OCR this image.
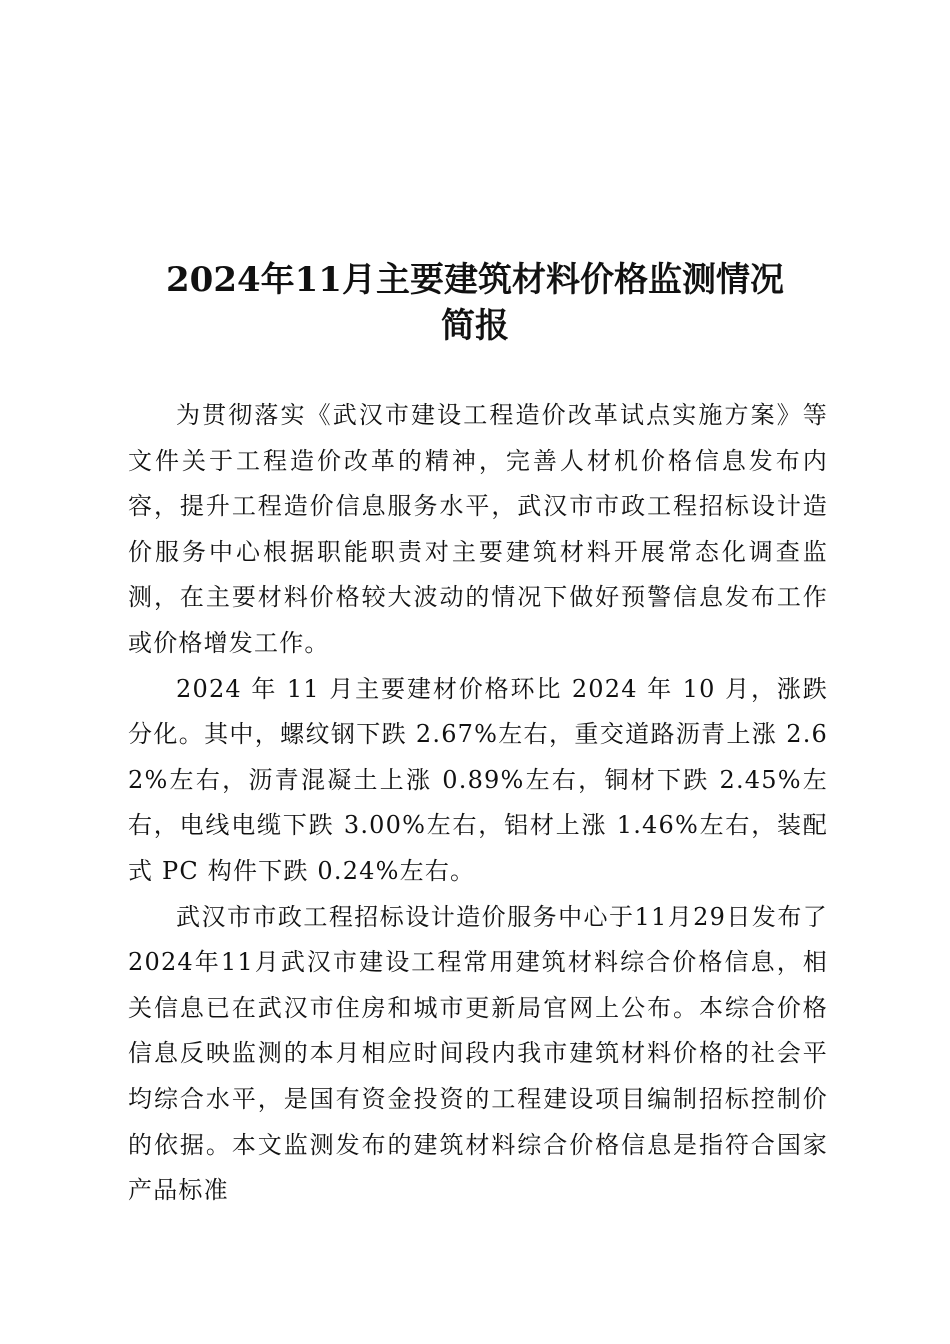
2024年11月主要建筑材料价格监测情况
简报

为贯彻落实《武汉市建设工程造价改革试点实施方案》等文件关于工程造价改革的精神，完善人材机价格信息发布内容，提升工程造价信息服务水平，武汉市市政工程招标设计造价服务中心根据职能职责对主要建筑材料开展常态化调查监测，在主要材料价格较大波动的情况下做好预警信息发布工作或价格增发工作。

2024 年 11 月主要建材价格环比 2024 年 10 月，涨跌分化。其中，螺纹钢下跌 2.67%左右，重交道路沥青上涨 2.62%左右，沥青混凝土上涨 0.89%左右，铜材下跌 2.45%左右，电线电缆下跌 3.00%左右，铝材上涨 1.46%左右，装配式 PC 构件下跌 0.24%左右。

武汉市市政工程招标设计造价服务中心于11月29日发布了2024年11月武汉市建设工程常用建筑材料综合价格信息，相关信息已在武汉市住房和城市更新局官网上公布。本综合价格信息反映监测的本月相应时间段内我市建筑材料价格的社会平均综合水平，是国有资金投资的工程建设项目编制招标控制价的依据。本文监测发布的建筑材料综合价格信息是指符合国家产品标准
